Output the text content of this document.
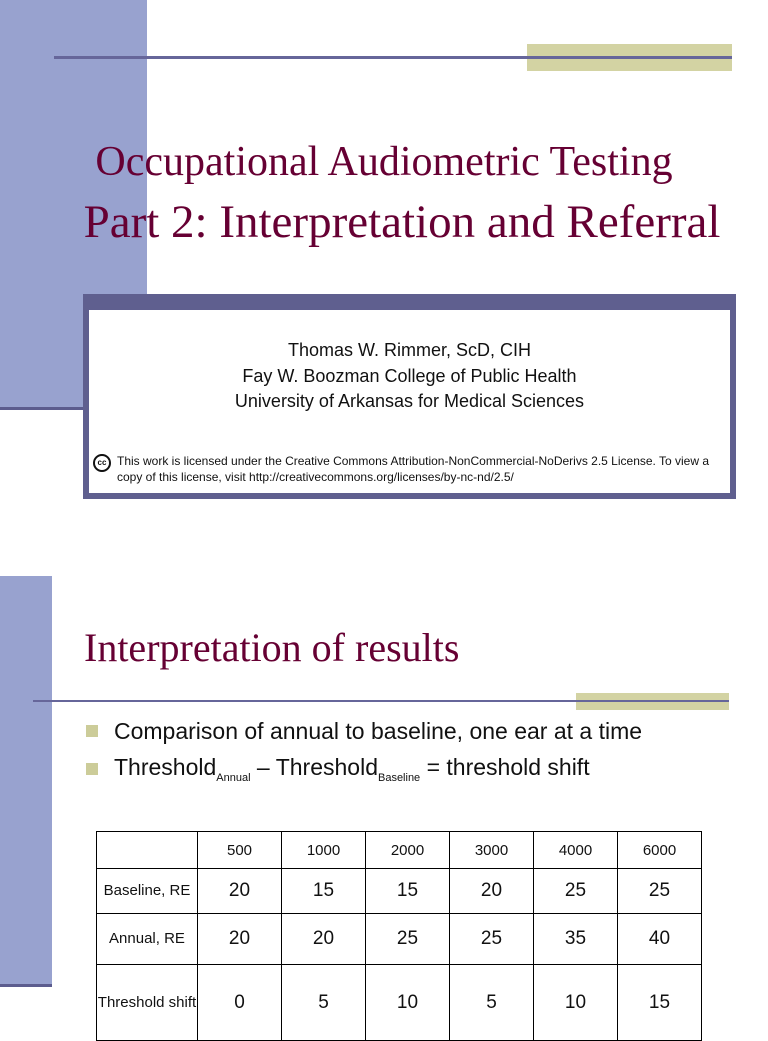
Occupational Audiometric Testing
Part 2: Interpretation and Referral
Thomas W. Rimmer, ScD, CIH
Fay W. Boozman College of Public Health
University of Arkansas for Medical Sciences
cc This work is licensed under the Creative Commons Attribution-NonCommercial-NoDerivs 2.5 License. To view a copy of this license, visit http://creativecommons.org/licenses/by-nc-nd/2.5/
Interpretation of results
Comparison of annual to baseline, one ear at a time
Threshold$_{Annual}$ – Threshold$_{Baseline}$ = threshold shift
	500	1000	2000	3000	4000	6000
Baseline, RE	20	15	15	20	25	25
Annual, RE	20	20	25	25	35	40
Threshold shift	0	5	10	5	10	15
